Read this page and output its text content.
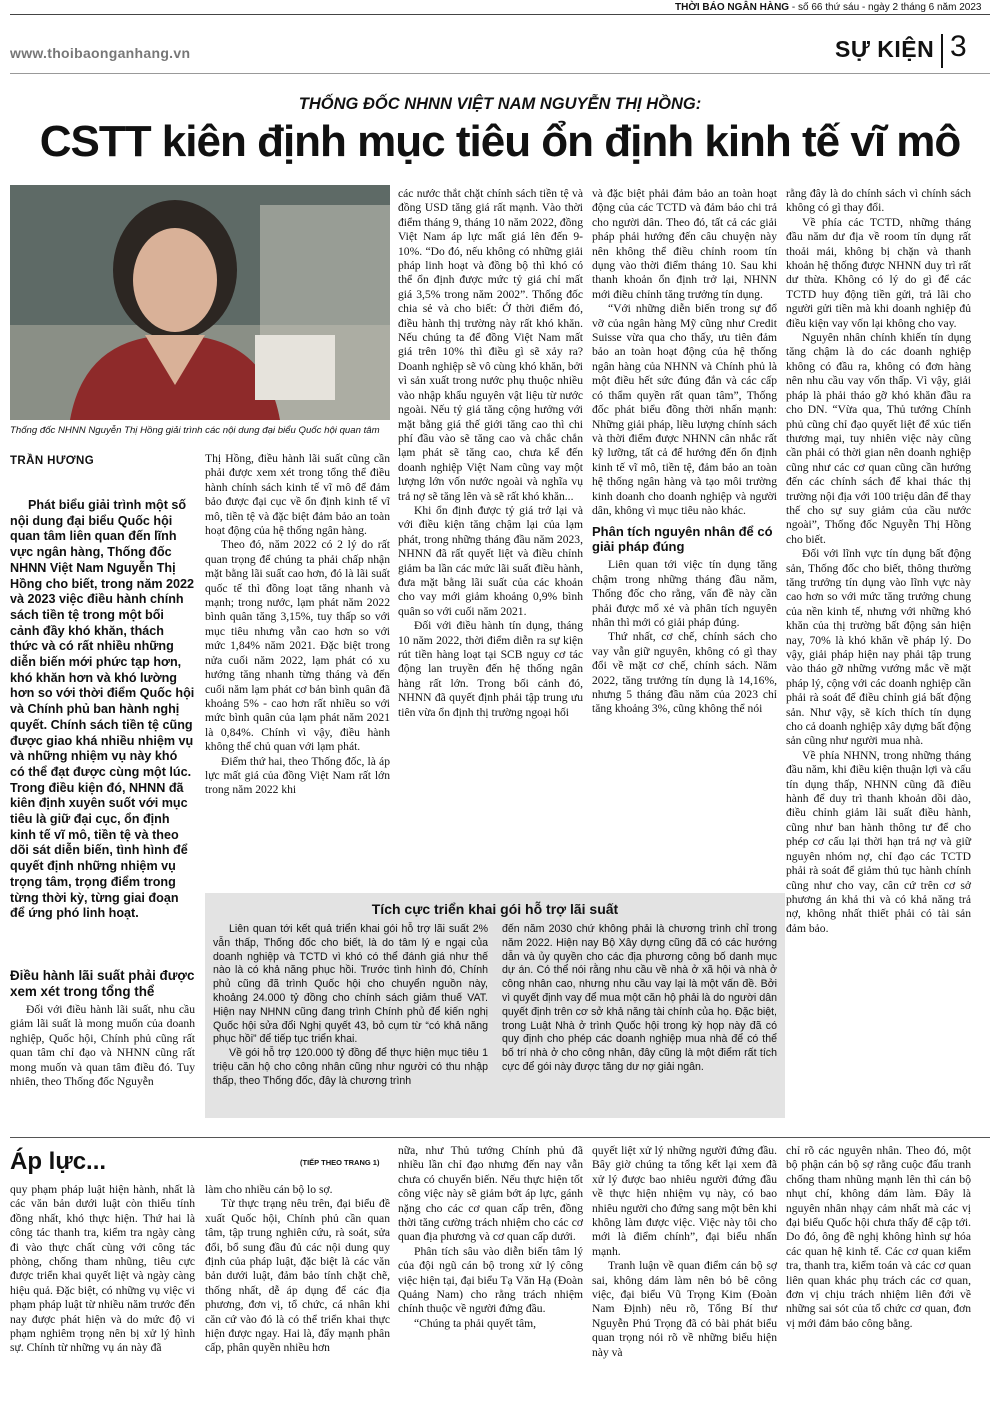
THỜI BÁO NGÂN HÀNG - số 66 thứ sáu - ngày 2 tháng 6 năm 2023
www.thoibaonganhang.vn	SỰ KIỆN 3
THỐNG ĐỐC NHNN VIỆT NAM NGUYỄN THỊ HỒNG:
CSTT kiên định mục tiêu ổn định kinh tế vĩ mô
Thống đốc NHNN Nguyễn Thị Hồng giải trình các nội dung đại biểu Quốc hội quan tâm
TRẦN HƯƠNG

Phát biểu giải trình một số nội dung đại biểu Quốc hội quan tâm liên quan đến lĩnh vực ngân hàng, Thống đốc NHNN Việt Nam Nguyễn Thị Hồng cho biết, trong năm 2022 và 2023 việc điều hành chính sách tiền tệ trong một bối cảnh đầy khó khăn, thách thức và có rất nhiều những diễn biến mới phức tạp hơn, khó khăn hơn và khó lường hơn so với thời điểm Quốc hội và Chính phủ ban hành nghị quyết. Chính sách tiền tệ cũng được giao khá nhiều nhiệm vụ và những nhiệm vụ này khó có thể đạt được cùng một lúc. Trong điều kiện đó, NHNN đã kiên định xuyên suốt với mục tiêu là giữ đại cục, ổn định kinh tế vĩ mô, tiền tệ và theo dõi sát diễn biến, tình hình để quyết định những nhiệm vụ trọng tâm, trọng điểm trong từng thời kỳ, từng giai đoạn để ứng phó linh hoạt.

Điều hành lãi suất phải được xem xét trong tổng thể

Đối với điều hành lãi suất, nhu cầu giảm lãi suất là mong muốn của doanh nghiệp, Quốc hội, Chính phủ cũng rất quan tâm chỉ đạo và NHNN cũng rất mong muốn và quan tâm điều đó. Tuy nhiên, theo Thống đốc Nguyễn

Thị Hồng, điều hành lãi suất cũng cần phải được xem xét trong tổng thể điều hành chính sách kinh tế vĩ mô để đảm bảo được đại cục về ổn định kinh tế vĩ mô, tiền tệ và đặc biệt đảm bảo an toàn hoạt động của hệ thống ngân hàng.

Theo đó, năm 2022 có 2 lý do rất quan trọng để chúng ta phải chấp nhận mặt bằng lãi suất cao hơn, đó là lãi suất quốc tế thì đồng loạt tăng nhanh và mạnh; trong nước, lạm phát năm 2022 bình quân tăng 3,15%, tuy thấp so với mục tiêu nhưng vẫn cao hơn so với mức 1,84% năm 2021. Đặc biệt trong nửa cuối năm 2022, lạm phát có xu hướng tăng nhanh từng tháng và đến cuối năm lạm phát cơ bản bình quân đã khoảng 5% - cao hơn rất nhiều so với mức bình quân của lạm phát năm 2021 là 0,84%. Chính vì vậy, điều hành không thể chủ quan với lạm phát.

Điểm thứ hai, theo Thống đốc, là áp lực mất giá của đồng Việt Nam rất lớn trong năm 2022 khi

các nước thắt chặt chính sách tiền tệ và đồng USD tăng giá rất mạnh. Vào thời điểm tháng 9, tháng 10 năm 2022, đồng Việt Nam áp lực mất giá lên đến 9-10%. “Do đó, nếu không có những giải pháp linh hoạt và đồng bộ thì khó có thể ổn định được mức tỷ giá chỉ mất giá 3,5% trong năm 2002”. Thống đốc chia sẻ và cho biết: Ở thời điểm đó, điều hành thị trường này rất khó khăn. Nếu chúng ta để đồng Việt Nam mất giá trên 10% thì điều gì sẽ xảy ra? Doanh nghiệp sẽ vô cùng khó khăn, bởi vì sản xuất trong nước phụ thuộc nhiều vào nhập khẩu nguyên vật liệu từ nước ngoài. Nếu tỷ giá tăng cộng hưởng với mặt bằng giá thế giới tăng cao thì chi phí đầu vào sẽ tăng cao và chắc chắn lạm phát sẽ tăng cao, chưa kể đến doanh nghiệp Việt Nam cũng vay một lượng lớn vốn nước ngoài và nghĩa vụ trả nợ sẽ tăng lên và sẽ rất khó khăn...

Khi ổn định được tỷ giá trở lại và với điều kiện tăng chậm lại của lạm phát, trong những tháng đầu năm 2023, NHNN đã rất quyết liệt và điều chỉnh giảm ba lần các mức lãi suất điều hành, đưa mặt bằng lãi suất của các khoản cho vay mới giảm khoảng 0,9% bình quân so với cuối năm 2021.

Đối với điều hành tín dụng, tháng 10 năm 2022, thời điểm diễn ra sự kiện rút tiền hàng loạt tại SCB nguy cơ tác động lan truyền đến hệ thống ngân hàng rất lớn. Trong bối cảnh đó, NHNN đã quyết định phải tập trung ưu tiên vừa ổn định thị trường ngoại hối

và đặc biệt phải đảm bảo an toàn hoạt động của các TCTD và đảm bảo chi trả cho người dân. Theo đó, tất cả các giải pháp phải hướng đến câu chuyện này nên không thể điều chỉnh room tín dụng vào thời điểm tháng 10. Sau khi thanh khoản ổn định trở lại, NHNN mới điều chỉnh tăng trưởng tín dụng.

“Với những diễn biến trong sự đổ vỡ của ngân hàng Mỹ cũng như Credit Suisse vừa qua cho thấy, ưu tiên đảm bảo an toàn hoạt động của hệ thống ngân hàng của NHNN và Chính phủ là một điều hết sức đúng đắn và các cấp có thẩm quyền rất quan tâm”, Thống đốc phát biểu đồng thời nhấn mạnh: Những giải pháp, liều lượng chính sách và thời điểm được NHNN cân nhắc rất kỹ lưỡng, tất cả để hướng đến ổn định kinh tế vĩ mô, tiền tệ, đảm bảo an toàn hệ thống ngân hàng và tạo môi trường kinh doanh cho doanh nghiệp và người dân, không vì mục tiêu nào khác.

Phân tích nguyên nhân để có giải pháp đúng

Liên quan tới việc tín dụng tăng chậm trong những tháng đầu năm, Thống đốc cho rằng, vấn đề này cần phải được mổ xẻ và phân tích nguyên nhân thì mới có giải pháp đúng.

Thứ nhất, cơ chế, chính sách cho vay vẫn giữ nguyên, không có gì thay đổi về mặt cơ chế, chính sách. Năm 2022, tăng trưởng tín dụng là 14,16%, nhưng 5 tháng đầu năm của 2023 chỉ tăng khoảng 3%, cũng không thể nói

rằng đây là do chính sách vì chính sách không có gì thay đổi.

Về phía các TCTD, những tháng đầu năm dư địa về room tín dụng rất thoải mái, không bị chặn và thanh khoản hệ thống được NHNN duy trì rất dư thừa. Không có lý do gì để các TCTD huy động tiền gửi, trả lãi cho người gửi tiền mà khi doanh nghiệp đủ điều kiện vay vốn lại không cho vay.

Nguyên nhân chính khiến tín dụng tăng chậm là do các doanh nghiệp không có đầu ra, không có đơn hàng nên nhu cầu vay vốn thấp. Vì vậy, giải pháp là phải tháo gỡ khó khăn đầu ra cho DN. “Vừa qua, Thủ tướng Chính phủ cũng chỉ đạo quyết liệt để xúc tiến thương mại, tuy nhiên việc này cũng cần phải có thời gian nên doanh nghiệp cũng như các cơ quan cũng cần hướng đến các chính sách để khai thác thị trường nội địa với 100 triệu dân để thay thế cho sự suy giảm của cầu nước ngoài”, Thống đốc Nguyễn Thị Hồng cho biết.

Đối với lĩnh vực tín dụng bất động sản, Thống đốc cho biết, thông thường tăng trưởng tín dụng vào lĩnh vực này cao hơn so với mức tăng trưởng chung của nền kinh tế, nhưng với những khó khăn của thị trường bất động sản hiện nay, 70% là khó khăn về pháp lý. Do vậy, giải pháp hiện nay phải tập trung vào tháo gỡ những vướng mắc về mặt pháp lý, cộng với các doanh nghiệp cần phải rà soát để điều chỉnh giá bất động sản. Như vậy, sẽ kích thích tín dụng cho cả doanh nghiệp xây dựng bất động sản cũng như người mua nhà.

Về phía NHNN, trong những tháng đầu năm, khi điều kiện thuận lợi và cấu tín dụng thấp, NHNN cũng đã điều hành để duy trì thanh khoản dồi dào, điều chỉnh giảm lãi suất điều hành, cũng như ban hành thông tư để cho phép cơ cấu lại thời hạn trả nợ và giữ nguyên nhóm nợ, chỉ đạo các TCTD phải rà soát để giảm thủ tục hành chính cũng như cho vay, cân cứ trên cơ sở phương án khả thi và có khả năng trả nợ, không nhất thiết phải có tài sản đảm bảo.

Tích cực triển khai gói hỗ trợ lãi suất

Liên quan tới kết quả triển khai gói hỗ trợ lãi suất 2% vẫn thấp, Thống đốc cho biết, là do tâm lý e ngại của doanh nghiệp và TCTD vì khó có thể đánh giá như thế nào là có khả năng phục hồi. Trước tình hình đó, Chính phủ cũng đã trình Quốc hội cho chuyển nguồn này, khoảng 24.000 tỷ đồng cho chính sách giảm thuế VAT. Hiện nay NHNN cũng đang trình Chính phủ để kiến nghị Quốc hội sửa đổi Nghị quyết 43, bỏ cụm từ “có khả năng phục hồi” để tiếp tục triển khai.

Về gói hỗ trợ 120.000 tỷ đồng để thực hiện mục tiêu 1 triệu căn hộ cho công nhân cũng như người có thu nhập thấp, theo Thống đốc, đây là chương trình

đến năm 2030 chứ không phải là chương trình chỉ trong năm 2022. Hiện nay Bộ Xây dựng cũng đã có các hướng dẫn và ủy quyền cho các địa phương công bố danh mục dự án. Có thể nói rằng nhu cầu về nhà ở xã hội và nhà ở công nhân cao, nhưng nhu cầu vay lại là một vấn đề. Bởi vì quyết định vay để mua một căn hộ phải là do người dân quyết định trên cơ sở khả năng tài chính của họ. Đặc biệt, trong Luật Nhà ở trình Quốc hội trong kỳ họp này đã có quy định cho phép các doanh nghiệp mua nhà để có thể bố trí nhà ở cho công nhân, đây cũng là một điểm rất tích cực để gói này được tăng dư nợ giải ngân.

Áp lực...	(TIẾP THEO TRANG 1)

quy phạm pháp luật hiện hành, nhất là các văn bản dưới luật còn thiếu tính đồng nhất, khó thực hiện. Thứ hai là công tác thanh tra, kiểm tra ngày càng đi vào thực chất cùng với công tác phòng, chống tham nhũng, tiêu cực được triển khai quyết liệt và ngày càng hiệu quả. Đặc biệt, có những vụ việc vi phạm pháp luật từ nhiều năm trước đến nay được phát hiện và do mức độ vi phạm nghiêm trọng nên bị xử lý hình sự. Chính từ những vụ án này đã

làm cho nhiều cán bộ lo sợ.

Từ thực trạng nêu trên, đại biểu đề xuất Quốc hội, Chính phủ cần quan tâm, tập trung nghiên cứu, rà soát, sửa đổi, bổ sung đầu đủ các nội dung quy định của pháp luật, đặc biệt là các văn bản dưới luật, đảm bảo tính chặt chẽ, thống nhất, dễ áp dụng để các địa phương, đơn vị, tổ chức, cá nhân khi căn cứ vào đó là có thể triển khai thực hiện được ngay. Hai là, đẩy mạnh phân cấp, phân quyền nhiều hơn

nữa, như Thủ tướng Chính phủ đã nhiều lần chỉ đạo nhưng đến nay vẫn chưa có chuyển biến. Nếu thực hiện tốt công việc này sẽ giảm bớt áp lực, gánh nặng cho các cơ quan cấp trên, đồng thời tăng cường trách nhiệm cho các cơ quan địa phương và cơ quan cấp dưới.

Phân tích sâu vào diễn biến tâm lý của đội ngũ cán bộ trong xử lý công việc hiện tại, đại biểu Tạ Văn Hạ (Đoàn Quảng Nam) cho rằng trách nhiệm chính thuộc về người đứng đầu.

“Chúng ta phải quyết tâm,

quyết liệt xử lý những người đứng đầu. Bây giờ chúng ta tổng kết lại xem đã xử lý được bao nhiêu người đứng đầu về thực hiện nhiệm vụ này, có bao nhiêu người cho đứng sang một bên khi không làm được việc. Việc này tôi cho mới là điểm chính”, đại biểu nhấn mạnh.

Tranh luận về quan điểm cán bộ sợ sai, không dám làm nên bỏ bê công việc, đại biểu Vũ Trọng Kim (Đoàn Nam Định) nêu rõ, Tổng Bí thư Nguyễn Phú Trọng đã có bài phát biểu quan trọng nói rõ về những biểu hiện này và

chỉ rõ các nguyên nhân. Theo đó, một bộ phận cán bộ sợ rằng cuộc đấu tranh chống tham nhũng mạnh lên thì cán bộ nhụt chí, không dám làm. Đây là nguyên nhân nhạy cảm nhất mà các vị đại biểu Quốc hội chưa thấy để cập tới. Do đó, ông đề nghị không hình sự hóa các quan hệ kinh tế. Các cơ quan kiểm tra, thanh tra, kiểm toán và các cơ quan liên quan khác phụ trách các cơ quan, đơn vị chịu trách nhiệm liên đới về những sai sót của tổ chức cơ quan, đơn vị mới đảm bảo công bằng.
